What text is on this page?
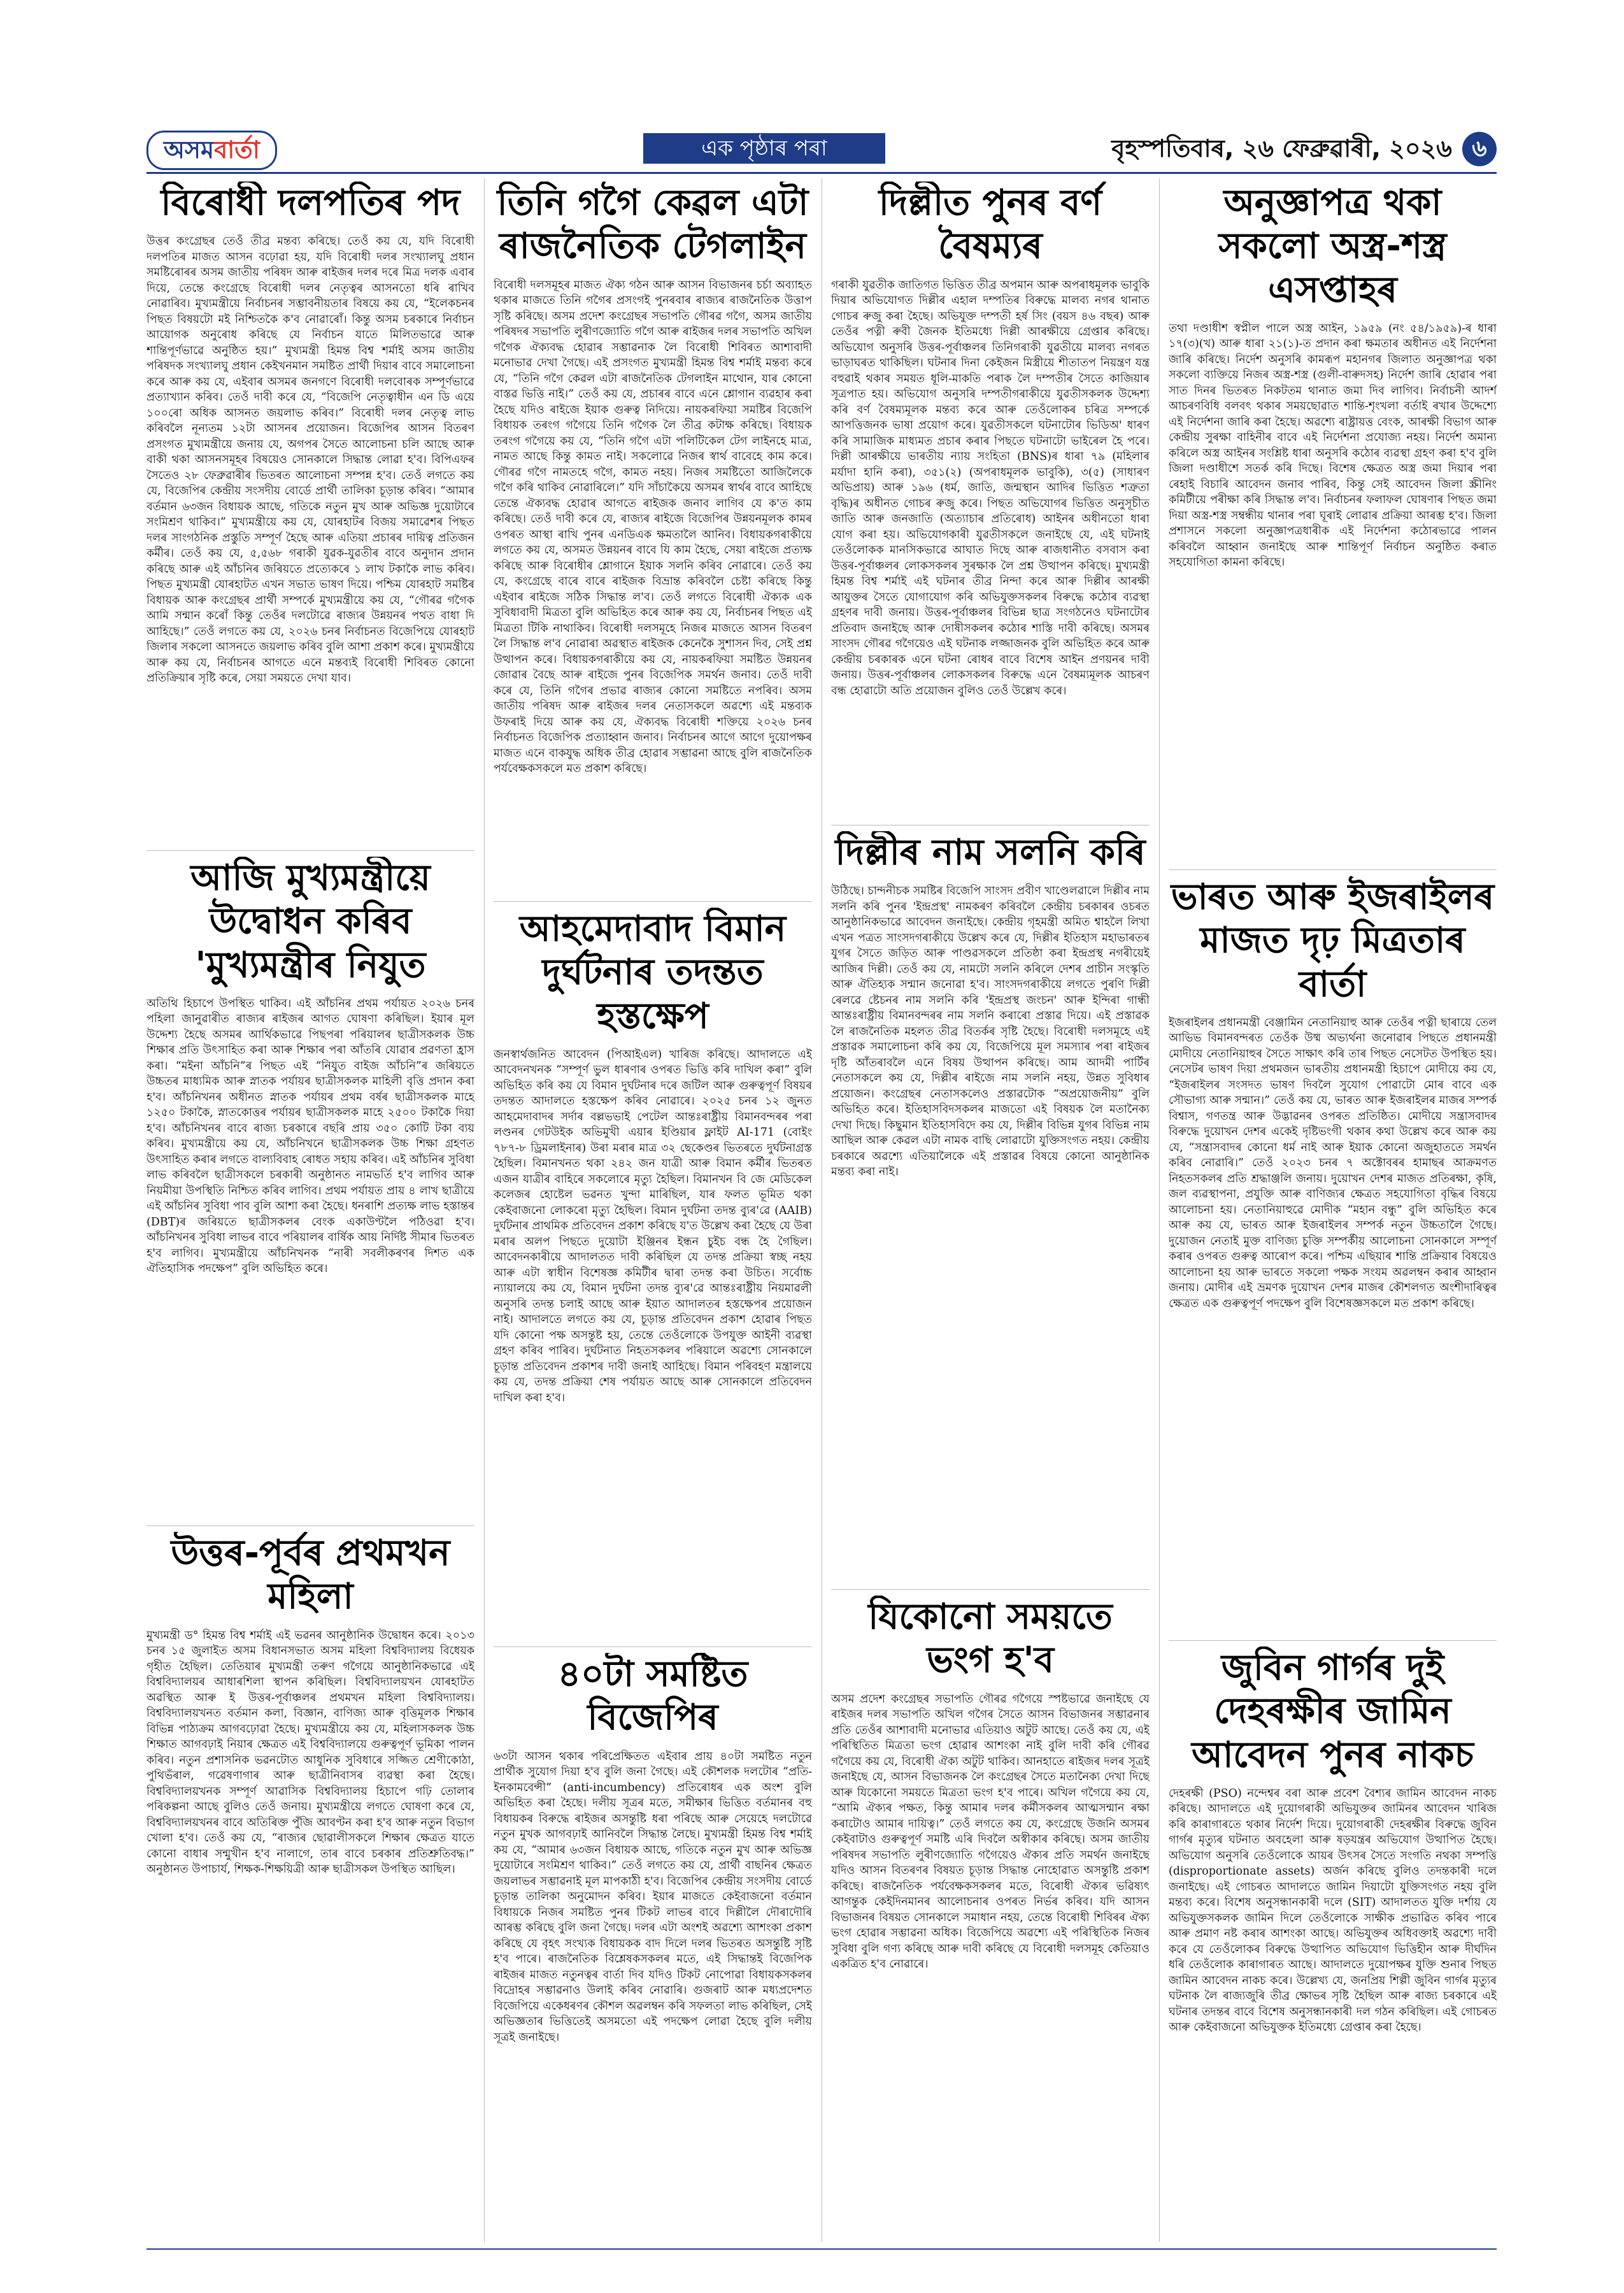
অসমবার্তা	এক পৃষ্ঠাৰ পৰা	বৃহস্পতিবাৰ, ২৬ ফেব্ৰুৱাৰী, ২০২৬ ৬
বিৰোধী দলপতিৰ পদ

উত্তৰ কংগ্ৰেছৰ তেওঁ তীব্ৰ মন্তব্য কৰিছে। তেওঁ কয় যে, যদি বিৰোধী দলপতিৰ মাজত আসন বঢ়োৱা হয়, যদি বিৰোধী দলৰ সংখ্যালঘু প্ৰধান সমষ্টিৰোৰৰ অসম জাতীয় পৰিষদ আৰু ৰাইজৰ দলৰ দৰে মিত্ৰ দলক এবাৰ দিয়ে, তেন্তে কংগ্ৰেছে বিৰোধী দলৰ নেতৃত্বৰ আসনতো ধৰি ৰাখিব নোৱাৰিব। মুখ্যমন্ত্ৰীয়ে নিৰ্বাচনৰ সম্ভাবনীয়তাৰ বিষয়ে কয় যে, “ইলেকচনৰ পিছত বিষয়টো মই নিশ্চিতকৈ ক'ব নোৱাৰোঁ। কিন্তু অসম চৰকাৰে নিৰ্বাচন আয়োগক অনুৰোধ কৰিছে যে নিৰ্বাচন যাতে মিলিতভাৱে আৰু শান্তিপূৰ্ণভাৱে অনুষ্ঠিত হয়।” মুখ্যমন্ত্ৰী হিমন্ত বিশ্ব শৰ্মাই অসম জাতীয় পৰিষদক সংখ্যালঘু প্ৰধান কেইখনমান সমষ্টিত প্ৰাৰ্থী দিয়াৰ বাবে সমালোচনা কৰে আৰু কয় যে, এইবাৰ অসমৰ জনগণে বিৰোধী দলবোৰক সম্পূৰ্ণভাৱে প্ৰত্যাখ্যান কৰিব। তেওঁ দাবী কৰে যে, “বিজেপি নেতৃত্বাধীন এন ডি এয়ে ১০০ৰো অধিক আসনত জয়লাভ কৰিব।” বিৰোধী দলৰ নেতৃত্ব লাভ কৰিবলৈ নূন্যতম ১২টা আসনৰ প্ৰয়োজন। বিজেপিৰ আসন বিতৰণ প্ৰসংগত মুখ্যমন্ত্ৰীয়ে জনায় যে, অগপৰ সৈতে আলোচনা চলি আছে আৰু বাকী থকা আসনসমূহৰ বিষয়েও সোনকালে সিদ্ধান্ত লোৱা হ'ব। বিপিএফৰ সৈতেও ২৮ ফেব্ৰুৱাৰীৰ ভিতৰত আলোচনা সম্পন্ন হ'ব। তেওঁ লগতে কয় যে, বিজেপিৰ কেন্দ্ৰীয় সংসদীয় বোৰ্ডে প্ৰাৰ্থী তালিকা চূড়ান্ত কৰিব। “আমাৰ বৰ্তমান ৬৩জন বিধায়ক আছে, গতিকে নতুন মুখ আৰু অভিজ্ঞ দুয়োটাৰে সংমিশ্ৰণ থাকিব।” মুখ্যমন্ত্ৰীয়ে কয় যে, যোৰহাটৰ বিজয় সমাৱেশৰ পিছত দলৰ সাংগঠনিক প্ৰস্তুতি সম্পূৰ্ণ হৈছে আৰু এতিয়া প্ৰচাৰৰ দায়িত্ব প্ৰতিজন কৰ্মীৰ। তেওঁ কয় যে, ৫,৫৬৮ গৰাকী যুৱক-যুৱতীৰ বাবে অনুদান প্ৰদান কৰিছে আৰু এই আঁচনিৰ জৰিয়তে প্ৰত্যেকৰে ১ লাখ টকাকৈ লাভ কৰিব। পিছত মুখ্যমন্ত্ৰী যোৰহাটত এখন সভাত ভাষণ দিয়ে। পশ্চিম যোৰহাট সমষ্টিৰ বিধায়ক আৰু কংগ্ৰেছৰ প্ৰাৰ্থী সম্পৰ্কে মুখ্যমন্ত্ৰীয়ে কয় যে, “গৌৰৱ গগৈক আমি সন্মান কৰোঁ কিন্তু তেওঁৰ দলটোৱে ৰাজ্যৰ উন্নয়নৰ পথত বাধা দি আহিছে।” তেওঁ লগতে কয় যে, ২০২৬ চনৰ নিৰ্বাচনত বিজেপিয়ে যোৰহাট জিলাৰ সকলো আসনতে জয়লাভ কৰিব বুলি আশা প্ৰকাশ কৰে। মুখ্যমন্ত্ৰীয়ে আৰু কয় যে, নিৰ্বাচনৰ আগতে এনে মন্তব্যই বিৰোধী শিবিৰত কোনো প্ৰতিক্ৰিয়াৰ সৃষ্টি কৰে, সেয়া সময়তে দেখা যাব।

আজি মুখ্যমন্ত্ৰীয়ে উদ্বোধন কৰিব 'মুখ্যমন্ত্ৰীৰ নিযুত

অতিথি হিচাপে উপস্থিত থাকিব। এই আঁচনিৰ প্ৰথম পৰ্যায়ত ২০২৬ চনৰ পহিলা জানুৱাৰীত ৰাজ্যৰ ৰাইজৰ আগত ঘোষণা কৰিছিল। ইয়াৰ মূল উদ্দেশ্য হৈছে অসমৰ আৰ্থিকভাৱে পিছপৰা পৰিয়ালৰ ছাত্ৰীসকলক উচ্চ শিক্ষাৰ প্ৰতি উৎসাহিত কৰা আৰু শিক্ষাৰ পৰা আঁতৰি যোৱাৰ প্ৰৱণতা হ্ৰাস কৰা। “মইনা আঁচনি”ৰ পিছত এই “নিযুত বাইজ আঁচনি”ৰ জৰিয়তে উচ্চতৰ মাধ্যমিক আৰু স্নাতক পৰ্যায়ৰ ছাত্ৰীসকলক মাহিলী বৃত্তি প্ৰদান কৰা হ'ব। আঁচনিখনৰ অধীনত স্নাতক পৰ্যায়ৰ প্ৰথম বৰ্ষৰ ছাত্ৰীসকলক মাহে ১২৫০ টকাকৈ, স্নাতকোত্তৰ পৰ্যায়ৰ ছাত্ৰীসকলক মাহে ২৫০০ টকাকৈ দিয়া হ'ব। আঁচনিখনৰ বাবে ৰাজ্য চৰকাৰে বছৰি প্ৰায় ৩৫০ কোটি টকা ব্যয় কৰিব। মুখ্যমন্ত্ৰীয়ে কয় যে, আঁচনিখনে ছাত্ৰীসকলক উচ্চ শিক্ষা গ্ৰহণত উৎসাহিত কৰাৰ লগতে বাল্যবিবাহ ৰোধত সহায় কৰিব। এই আঁচনিৰ সুবিধা লাভ কৰিবলৈ ছাত্ৰীসকলে চৰকাৰী অনুষ্ঠানত নামভৰ্তি হ'ব লাগিব আৰু নিয়মীয়া উপস্থিতি নিশ্চিত কৰিব লাগিব। প্ৰথম পৰ্যায়ত প্ৰায় ৪ লাখ ছাত্ৰীয়ে এই আঁচনিৰ সুবিধা পাব বুলি আশা কৰা হৈছে। ধনৰাশি প্ৰত্যক্ষ লাভ হস্তান্তৰ (DBT)ৰ জৰিয়তে ছাত্ৰীসকলৰ বেংক একাউণ্টলৈ পঠিওৱা হ'ব। আঁচনিখনৰ সুবিধা লাভৰ বাবে পৰিয়ালৰ বাৰ্ষিক আয় নিৰ্দিষ্ট সীমাৰ ভিতৰত হ'ব লাগিব। মুখ্যমন্ত্ৰীয়ে আঁচনিখনক “নাৰী সবলীকৰণৰ দিশত এক ঐতিহাসিক পদক্ষেপ” বুলি অভিহিত কৰে।

উত্তৰ-পূৰ্বৰ প্ৰথমখন মহিলা

মুখ্যমন্ত্ৰী ড° হিমন্ত বিশ্ব শৰ্মাই এই ভৱনৰ আনুষ্ঠানিক উদ্বোধন কৰে। ২০১৩ চনৰ ১৫ জুলাইত অসম বিধানসভাত অসম মহিলা বিশ্ববিদ্যালয় বিধেয়ক গৃহীত হৈছিল। তেতিয়াৰ মুখ্যমন্ত্ৰী তৰুণ গগৈয়ে আনুষ্ঠানিকভাৱে এই বিশ্ববিদ্যালয়ৰ আধাৰশিলা স্থাপন কৰিছিল। বিশ্ববিদ্যালয়খন যোৰহাটত অৱস্থিত আৰু ই উত্তৰ-পূৰ্বাঞ্চলৰ প্ৰথমখন মহিলা বিশ্ববিদ্যালয়। বিশ্ববিদ্যালয়খনত বৰ্তমান কলা, বিজ্ঞান, বাণিজ্য আৰু বৃত্তিমূলক শিক্ষাৰ বিভিন্ন পাঠ্যক্ৰম আগবঢ়োৱা হৈছে। মুখ্যমন্ত্ৰীয়ে কয় যে, মহিলাসকলক উচ্চ শিক্ষাত আগবঢ়াই নিয়াৰ ক্ষেত্ৰত এই বিশ্ববিদ্যালয়ে গুৰুত্বপূৰ্ণ ভূমিকা পালন কৰিব। নতুন প্ৰশাসনিক ভৱনটোত আধুনিক সুবিধাৰে সজ্জিত শ্ৰেণীকোঠা, পুথিভঁৰাল, গৱেষণাগাৰ আৰু ছাত্ৰীনিবাসৰ ব্যৱস্থা কৰা হৈছে। বিশ্ববিদ্যালয়খনক সম্পূৰ্ণ আৱাসিক বিশ্ববিদ্যালয় হিচাপে গঢ়ি তোলাৰ পৰিকল্পনা আছে বুলিও তেওঁ জনায়। মুখ্যমন্ত্ৰীয়ে লগতে ঘোষণা কৰে যে, বিশ্ববিদ্যালয়খনৰ বাবে অতিৰিক্ত পুঁজি আবণ্টন কৰা হ'ব আৰু নতুন বিভাগ খোলা হ'ব। তেওঁ কয় যে, “ৰাজ্যৰ ছোৱালীসকলে শিক্ষাৰ ক্ষেত্ৰত যাতে কোনো বাধাৰ সন্মুখীন হ'ব নালাগে, তাৰ বাবে চৰকাৰ প্ৰতিশ্ৰুতিবদ্ধ।” অনুষ্ঠানত উপাচাৰ্য, শিক্ষক-শিক্ষয়িত্ৰী আৰু ছাত্ৰীসকল উপস্থিত আছিল।

তিনি গগৈ কেৱল এটা ৰাজনৈতিক টেগলাইন

বিৰোধী দলসমূহৰ মাজত ঐক্য গঠন আৰু আসন বিভাজনৰ চৰ্চা অব্যাহত থকাৰ মাজতে তিনি গগৈৰ প্ৰসংগই পুনৰবাৰ ৰাজ্যৰ ৰাজনৈতিক উত্তাপ সৃষ্টি কৰিছে। অসম প্ৰদেশ কংগ্ৰেছৰ সভাপতি গৌৰৱ গগৈ, অসম জাতীয় পৰিষদৰ সভাপতি লুৰীণজ্যোতি গগৈ আৰু ৰাইজৰ দলৰ সভাপতি অখিল গগৈক ঐক্যবদ্ধ হোৱাৰ সম্ভাৱনাক লৈ বিৰোধী শিবিৰত আশাবাদী মনোভাৱ দেখা গৈছে। এই প্ৰসংগত মুখ্যমন্ত্ৰী হিমন্ত বিশ্ব শৰ্মাই মন্তব্য কৰে যে, “তিনি গগৈ কেৱল এটা ৰাজনৈতিক টেগলাইন মাথোন, যাৰ কোনো বাস্তৱ ভিত্তি নাই।” তেওঁ কয় যে, প্ৰচাৰৰ বাবে এনে শ্লোগান ব্যৱহাৰ কৰা হৈছে যদিও ৰাইজে ইয়াক গুৰুত্ব নিদিয়ে। নায়কৰফিয়া সমষ্টিৰ বিজেপি বিধায়ক তৰংগ গগৈয়ে তিনি গগৈক লৈ তীব্ৰ কটাক্ষ কৰিছে। বিধায়ক তৰংগ গগৈয়ে কয় যে, “তিনি গগৈ এটা পলিটিকেল টেগ লাইনহে মাত্ৰ, নামত আছে কিন্তু কামত নাই। সকলোৱে নিজৰ স্বাৰ্থ বাবেহে কাম কৰে। গৌৰৱ গগৈ নামতহে গগৈ, কামত নহয়। নিজৰ সমষ্টিতো আজিলৈকে গগৈ কৰি থাকিব নোৱাৰিলে।” যদি সাঁচাকৈয়ে অসমৰ স্বাৰ্থৰ বাবে আহিছে তেন্তে ঐক্যবদ্ধ হোৱাৰ আগতে ৰাইজক জনাব লাগিব যে ক'ত কাম কৰিছে। তেওঁ দাবী কৰে যে, ৰাজ্যৰ ৰাইজে বিজেপিৰ উন্নয়নমূলক কামৰ ওপৰত আস্থা ৰাখি পুনৰ এনডিএক ক্ষমতালৈ আনিব। বিধায়কগৰাকীয়ে লগতে কয় যে, অসমত উন্নয়নৰ বাবে যি কাম হৈছে, সেয়া ৰাইজে প্ৰত্যক্ষ কৰিছে আৰু বিৰোধীৰ শ্লোগানে ইয়াক সলনি কৰিব নোৱাৰে। তেওঁ কয় যে, কংগ্ৰেছে বাৰে বাৰে ৰাইজক বিভ্ৰান্ত কৰিবলৈ চেষ্টা কৰিছে কিন্তু এইবাৰ ৰাইজে সঠিক সিদ্ধান্ত ল'ব। তেওঁ লগতে বিৰোধী ঐক্যক এক সুবিধাবাদী মিত্ৰতা বুলি অভিহিত কৰে আৰু কয় যে, নিৰ্বাচনৰ পিছত এই মিত্ৰতা টিকি নাথাকিব। বিৰোধী দলসমূহে নিজৰ মাজতে আসন বিতৰণ লৈ সিদ্ধান্ত ল'ব নোৱাৰা অৱস্থাত ৰাইজক কেনেকৈ সুশাসন দিব, সেই প্ৰশ্ন উত্থাপন কৰে। বিধায়কগৰাকীয়ে কয় যে, নায়কৰফিয়া সমষ্টিত উন্নয়নৰ জোৱাৰ বৈছে আৰু ৰাইজে পুনৰ বিজেপিক সমৰ্থন জনাব। তেওঁ দাবী কৰে যে, তিনি গগৈৰ প্ৰভাৱ ৰাজ্যৰ কোনো সমষ্টিতে নপৰিব। অসম জাতীয় পৰিষদ আৰু ৰাইজৰ দলৰ নেতাসকলে অৱশ্যে এই মন্তব্যক উফৰাই দিয়ে আৰু কয় যে, ঐক্যবদ্ধ বিৰোধী শক্তিয়ে ২০২৬ চনৰ নিৰ্বাচনত বিজেপিক প্ৰত্যাহ্বান জনাব। নিৰ্বাচনৰ আগে আগে দুয়োপক্ষৰ মাজত এনে বাকযুদ্ধ অধিক তীব্ৰ হোৱাৰ সম্ভাৱনা আছে বুলি ৰাজনৈতিক পৰ্যবেক্ষকসকলে মত প্ৰকাশ কৰিছে।

আহমেদাবাদ বিমান দুৰ্ঘটনাৰ তদন্তত হস্তক্ষেপ

জনস্বাৰ্থজনিত আবেদন (পিআইএল) খাৰিজ কৰিছে। আদালতে এই আবেদনখনক “সম্পূৰ্ণ ভুল ধাৰণাৰ ওপৰত ভিত্তি কৰি দাখিল কৰা” বুলি অভিহিত কৰি কয় যে বিমান দুৰ্ঘটনাৰ দৰে জটিল আৰু গুৰুত্বপূৰ্ণ বিষয়ৰ তদন্তত আদালতে হস্তক্ষেপ কৰিব নোৱাৰে। ২০২৫ চনৰ ১২ জুনত আহমেদাবাদৰ সৰ্দাৰ বল্লভভাই পেটেল আন্তঃৰাষ্ট্ৰীয় বিমানবন্দৰৰ পৰা লণ্ডনৰ গেটউইক অভিমুখী এয়াৰ ইণ্ডিয়াৰ ফ্লাইট AI-171 (বোইং ৭৮৭-৮ ড্ৰিমলাইনাৰ) উৰা মৰাৰ মাত্ৰ ৩২ ছেকেণ্ডৰ ভিতৰতে দুৰ্ঘটনাগ্ৰস্ত হৈছিল। বিমানখনত থকা ২৪২ জন যাত্ৰী আৰু বিমান কৰ্মীৰ ভিতৰত এজন যাত্ৰীৰ বাহিৰে সকলোৰে মৃত্যু হৈছিল। বিমানখন বি জে মেডিকেল কলেজৰ হোষ্টেল ভৱনত খুন্দা মাৰিছিল, যাৰ ফলত ভূমিত থকা কেইবাজনো লোকৰো মৃত্যু হৈছিল। বিমান দুৰ্ঘটনা তদন্ত ব্যুৰ'ৱে (AAIB) দুৰ্ঘটনাৰ প্ৰাথমিক প্ৰতিবেদন প্ৰকাশ কৰিছে য'ত উল্লেখ কৰা হৈছে যে উৰা মৰাৰ অলপ পিছতে দুয়োটা ইঞ্জিনৰ ইন্ধন চুইচ বন্ধ হৈ গৈছিল। আবেদনকাৰীয়ে আদালতত দাবী কৰিছিল যে তদন্ত প্ৰক্ৰিয়া স্বচ্ছ নহয় আৰু এটা স্বাধীন বিশেষজ্ঞ কমিটীৰ দ্বাৰা তদন্ত কৰা উচিত। সৰ্বোচ্চ ন্যায়ালয়ে কয় যে, বিমান দুৰ্ঘটনা তদন্ত ব্যুৰ'ৱে আন্তঃৰাষ্ট্ৰীয় নিয়মাৱলী অনুসৰি তদন্ত চলাই আছে আৰু ইয়াত আদালতৰ হস্তক্ষেপৰ প্ৰয়োজন নাই। আদালতে লগতে কয় যে, চূড়ান্ত প্ৰতিবেদন প্ৰকাশ হোৱাৰ পিছত যদি কোনো পক্ষ অসন্তুষ্ট হয়, তেন্তে তেওঁলোকে উপযুক্ত আইনী ব্যৱস্থা গ্ৰহণ কৰিব পাৰিব। দুৰ্ঘটনাত নিহতসকলৰ পৰিয়ালে অৱশ্যে সোনকালে চূড়ান্ত প্ৰতিবেদন প্ৰকাশৰ দাবী জনাই আহিছে। বিমান পৰিবহণ মন্ত্ৰালয়ে কয় যে, তদন্ত প্ৰক্ৰিয়া শেষ পৰ্যায়ত আছে আৰু সোনকালে প্ৰতিবেদন দাখিল কৰা হ'ব।

৪০টা সমষ্টিত বিজেপিৰ

৬৩টা আসন থকাৰ পৰিপ্ৰেক্ষিতত এইবাৰ প্ৰায় ৪০টা সমষ্টিত নতুন প্ৰাৰ্থীক সুযোগ দিয়া হ'ব বুলি জনা গৈছে। এই কৌশলক দলটোৰ “প্ৰতি-ইনকামবেন্সী” (anti-incumbency) প্ৰতিৰোধৰ এক অংশ বুলি অভিহিত কৰা হৈছে। দলীয় সূত্ৰৰ মতে, সমীক্ষাৰ ভিত্তিত বৰ্তমানৰ বহু বিধায়কৰ বিৰুদ্ধে ৰাইজৰ অসন্তুষ্টি ধৰা পৰিছে আৰু সেয়েহে দলটোৱে নতুন মুখক আগবঢ়াই আনিবলৈ সিদ্ধান্ত লৈছে। মুখ্যমন্ত্ৰী হিমন্ত বিশ্ব শৰ্মাই কয় যে, “আমাৰ ৬৩জন বিধায়ক আছে, গতিকে নতুন মুখ আৰু অভিজ্ঞ দুয়োটাৰে সংমিশ্ৰণ থাকিব।” তেওঁ লগতে কয় যে, প্ৰাৰ্থী বাছনিৰ ক্ষেত্ৰত জয়লাভৰ সম্ভাৱনাই মূল মাপকাঠী হ'ব। বিজেপিৰ কেন্দ্ৰীয় সংসদীয় বোৰ্ডে চূড়ান্ত তালিকা অনুমোদন কৰিব। ইয়াৰ মাজতে কেইবাজনো বৰ্তমান বিধায়কে নিজৰ সমষ্টিত পুনৰ টিকট লাভৰ বাবে দিল্লীলৈ দৌৰাদৌৰি আৰম্ভ কৰিছে বুলি জনা গৈছে। দলৰ এটা অংশই অৱশ্যে আশংকা প্ৰকাশ কৰিছে যে বৃহৎ সংখ্যক বিধায়কক বাদ দিলে দলৰ ভিতৰত অসন্তুষ্টি সৃষ্টি হ'ব পাৰে। ৰাজনৈতিক বিশ্লেষকসকলৰ মতে, এই সিদ্ধান্তই বিজেপিক ৰাইজৰ মাজত নতুনত্বৰ বাৰ্তা দিব যদিও টিকট নোপোৱা বিধায়কসকলৰ বিদ্ৰোহৰ সম্ভাৱনাও উলাই কৰিব নোৱাৰি। গুজৰাট আৰু মধ্যপ্ৰদেশত বিজেপিয়ে একেধৰণৰ কৌশল অৱলম্বন কৰি সফলতা লাভ কৰিছিল, সেই অভিজ্ঞতাৰ ভিত্তিতেই অসমতো এই পদক্ষেপ লোৱা হৈছে বুলি দলীয় সূত্ৰই জনাইছে।

দিল্লীত পুনৰ বৰ্ণ বৈষম্যৰ

গৰাকী যুৱতীক জাতিগত ভিত্তিত তীব্ৰ অপমান আৰু অপৰাধমূলক ভাবুকি দিয়াৰ অভিযোগত দিল্লীৰ এহাল দম্পতিৰ বিৰুদ্ধে মালব্য নগৰ থানাত গোচৰ ৰুজু কৰা হৈছে। অভিযুক্ত দম্পতী হৰ্ষ সিং (বয়স ৪৬ বছৰ) আৰু তেওঁৰ পত্নী ৰুবী জৈনক ইতিমধ্যে দিল্লী আৰক্ষীয়ে গ্ৰেপ্তাৰ কৰিছে। অভিযোগ অনুসৰি উত্তৰ-পূৰ্বাঞ্চলৰ তিনিগৰাকী যুৱতীয়ে মালব্য নগৰত ভাড়াঘৰত থাকিছিল। ঘটনাৰ দিনা কেইজন মিস্ত্ৰীয়ে শীতাতপ নিয়ন্ত্ৰণ যন্ত্ৰ বহুৱাই থকাৰ সময়ত ধূলি-মাকতি পৰাক লৈ দম্পতীৰ সৈতে কাজিয়াৰ সূত্ৰপাত হয়। অভিযোগ অনুসৰি দম্পতীগৰাকীয়ে যুৱতীসকলক উদ্দেশ্য কৰি বৰ্ণ বৈষম্যমূলক মন্তব্য কৰে আৰু তেওঁলোকৰ চৰিত্ৰ সম্পৰ্কে আপত্তিজনক ভাষা প্ৰয়োগ কৰে। যুৱতীসকলে ঘটনাটোৰ ভিডিঅ' ধাৰণ কৰি সামাজিক মাধ্যমত প্ৰচাৰ কৰাৰ পিছতে ঘটনাটো ভাইৰেল হৈ পৰে। দিল্লী আৰক্ষীয়ে ভাৰতীয় ন্যায় সংহিতা (BNS)ৰ ধাৰা ৭৯ (মহিলাৰ মৰ্যাদা হানি কৰা), ৩৫১(২) (অপৰাধমূলক ভাবুকি), ৩(৫) (সাধাৰণ অভিপ্ৰায়) আৰু ১৯৬ (ধৰ্ম, জাতি, জন্মস্থান আদিৰ ভিত্তিত শত্ৰুতা বৃদ্ধি)ৰ অধীনত গোচৰ ৰুজু কৰে। পিছত অভিযোগৰ ভিত্তিত অনুসূচীত জাতি আৰু জনজাতি (অত্যাচাৰ প্ৰতিৰোধ) আইনৰ অধীনতো ধাৰা যোগ কৰা হয়। অভিযোগকাৰী যুৱতীসকলে জনাইছে যে, এই ঘটনাই তেওঁলোকক মানসিকভাৱে আঘাত দিছে আৰু ৰাজধানীত বসবাস কৰা উত্তৰ-পূৰ্বাঞ্চলৰ লোকসকলৰ সুৰক্ষাক লৈ প্ৰশ্ন উত্থাপন কৰিছে। মুখ্যমন্ত্ৰী হিমন্ত বিশ্ব শৰ্মাই এই ঘটনাৰ তীব্ৰ নিন্দা কৰে আৰু দিল্লীৰ আৰক্ষী আয়ুক্তৰ সৈতে যোগাযোগ কৰি অভিযুক্তসকলৰ বিৰুদ্ধে কঠোৰ ব্যৱস্থা গ্ৰহণৰ দাবী জনায়। উত্তৰ-পূৰ্বাঞ্চলৰ বিভিন্ন ছাত্ৰ সংগঠনেও ঘটনাটোৰ প্ৰতিবাদ জনাইছে আৰু দোষীসকলৰ কঠোৰ শাস্তি দাবী কৰিছে। অসমৰ সাংসদ গৌৰৱ গগৈয়েও এই ঘটনাক লজ্জাজনক বুলি অভিহিত কৰে আৰু কেন্দ্ৰীয় চৰকাৰক এনে ঘটনা ৰোধৰ বাবে বিশেষ আইন প্ৰণয়নৰ দাবী জনায়। উত্তৰ-পূৰ্বাঞ্চলৰ লোকসকলৰ বিৰুদ্ধে এনে বৈষম্যমূলক আচৰণ বন্ধ হোৱাটো অতি প্ৰয়োজন বুলিও তেওঁ উল্লেখ কৰে।

দিল্লীৰ নাম সলনি কৰি

উঠিছে। চান্দনীচক সমষ্টিৰ বিজেপি সাংসদ প্ৰবীণ খাণ্ডেলৱালে দিল্লীৰ নাম সলনি কৰি পুনৰ 'ইন্দ্ৰপ্ৰস্থ' নামকৰণ কৰিবলৈ কেন্দ্ৰীয় চৰকাৰৰ ওচৰত আনুষ্ঠানিকভাৱে আবেদন জনাইছে। কেন্দ্ৰীয় গৃহমন্ত্ৰী অমিত শ্বাহলৈ লিখা এখন পত্ৰত সাংসদগৰাকীয়ে উল্লেখ কৰে যে, দিল্লীৰ ইতিহাস মহাভাৰতৰ যুগৰ সৈতে জড়িত আৰু পাণ্ডৱসকলে প্ৰতিষ্ঠা কৰা ইন্দ্ৰপ্ৰস্থ নগৰীয়েই আজিৰ দিল্লী। তেওঁ কয় যে, নামটো সলনি কৰিলে দেশৰ প্ৰাচীন সংস্কৃতি আৰু ঐতিহ্যক সন্মান জনোৱা হ'ব। সাংসদগৰাকীয়ে লগতে পুৰণি দিল্লী ৰেলৱে ষ্টেচনৰ নাম সলনি কৰি 'ইন্দ্ৰপ্ৰস্থ জংচন' আৰু ইন্দিৰা গান্ধী আন্তঃৰাষ্ট্ৰীয় বিমানবন্দৰৰ নাম সলনি কৰাৰো প্ৰস্তাৱ দিয়ে। এই প্ৰস্তাৱক লৈ ৰাজনৈতিক মহলত তীব্ৰ বিতৰ্কৰ সৃষ্টি হৈছে। বিৰোধী দলসমূহে এই প্ৰস্তাৱক সমালোচনা কৰি কয় যে, বিজেপিয়ে মূল সমস্যাৰ পৰা ৰাইজৰ দৃষ্টি আঁতৰাবলৈ এনে বিষয় উত্থাপন কৰিছে। আম আদমী পাৰ্টিৰ নেতাসকলে কয় যে, দিল্লীৰ ৰাইজে নাম সলনি নহয়, উন্নত সুবিধাৰ প্ৰয়োজন। কংগ্ৰেছৰ নেতাসকলেও প্ৰস্তাৱটোক “অপ্ৰয়োজনীয়” বুলি অভিহিত কৰে। ইতিহাসবিদসকলৰ মাজতো এই বিষয়ক লৈ মতানৈক্য দেখা দিছে। কিছুমান ইতিহাসবিদে কয় যে, দিল্লীৰ বিভিন্ন যুগৰ বিভিন্ন নাম আছিল আৰু কেৱল এটা নামক বাছি লোৱাটো যুক্তিসংগত নহয়। কেন্দ্ৰীয় চৰকাৰে অৱশ্যে এতিয়ালৈকে এই প্ৰস্তাৱৰ বিষয়ে কোনো আনুষ্ঠানিক মন্তব্য কৰা নাই।

যিকোনো সময়তে ভংগ হ'ব

অসম প্ৰদেশ কংগ্ৰেছৰ সভাপতি গৌৰৱ গগৈয়ে স্পষ্টভাৱে জনাইছে যে ৰাইজৰ দলৰ সভাপতি অখিল গগৈৰ সৈতে আসন বিভাজনৰ সম্ভাৱনাৰ প্ৰতি তেওঁৰ আশাবাদী মনোভাৱ এতিয়াও অটুট আছে। তেওঁ কয় যে, এই পৰিস্থিতিত মিত্ৰতা ভংগ হোৱাৰ আশংকা নাই বুলি দাবী কৰি গৌৰৱ গগৈয়ে কয় যে, বিৰোধী ঐক্য অটুট থাকিব। আনহাতে ৰাইজৰ দলৰ সূত্ৰই জনাইছে যে, আসন বিভাজনক লৈ কংগ্ৰেছৰ সৈতে মতানৈক্য দেখা দিছে আৰু যিকোনো সময়তে মিত্ৰতা ভংগ হ'ব পাৰে। অখিল গগৈয়ে কয় যে, “আমি ঐক্যৰ পক্ষত, কিন্তু আমাৰ দলৰ কৰ্মীসকলৰ আত্মসন্মান ৰক্ষা কৰাটোও আমাৰ দায়িত্ব।” তেওঁ লগতে কয় যে, কংগ্ৰেছে উজনি অসমৰ কেইবাটাও গুৰুত্বপূৰ্ণ সমষ্টি এৰি দিবলৈ অস্বীকাৰ কৰিছে। অসম জাতীয় পৰিষদৰ সভাপতি লুৰীণজ্যোতি গগৈয়েও ঐক্যৰ প্ৰতি সমৰ্থন জনাইছে যদিও আসন বিতৰণৰ বিষয়ত চূড়ান্ত সিদ্ধান্ত নোহোৱাত অসন্তুষ্টি প্ৰকাশ কৰিছে। ৰাজনৈতিক পৰ্যবেক্ষকসকলৰ মতে, বিৰোধী ঐক্যৰ ভৱিষ্যৎ আগন্তুক কেইদিনমানৰ আলোচনাৰ ওপৰত নিৰ্ভৰ কৰিব। যদি আসন বিভাজনৰ বিষয়ত সোনকালে সমাধান নহয়, তেন্তে বিৰোধী শিবিৰৰ ঐক্য ভংগ হোৱাৰ সম্ভাৱনা অধিক। বিজেপিয়ে অৱশ্যে এই পৰিস্থিতিক নিজৰ সুবিধা বুলি গণ্য কৰিছে আৰু দাবী কৰিছে যে বিৰোধী দলসমূহ কেতিয়াও একত্ৰিত হ'ব নোৱাৰে।

অনুজ্ঞাপত্ৰ থকা সকলো অস্ত্ৰ-শস্ত্ৰ এসপ্তাহৰ

তথা দণ্ডাধীশ স্বপ্নীল পালে অস্ত্ৰ আইন, ১৯৫৯ (নং ৫৪/১৯৫৯)-ৰ ধাৰা ১৭(৩)(খ) আৰু ধাৰা ২১(১)-ত প্ৰদান কৰা ক্ষমতাৰ অধীনত এই নিৰ্দেশনা জাৰি কৰিছে। নিৰ্দেশ অনুসৰি কামৰূপ মহানগৰ জিলাত অনুজ্ঞাপত্ৰ থকা সকলো ব্যক্তিয়ে নিজৰ অস্ত্ৰ-শস্ত্ৰ (গুলী-বাৰুদসহ) নিৰ্দেশ জাৰি হোৱাৰ পৰা সাত দিনৰ ভিতৰত নিকটতম থানাত জমা দিব লাগিব। নিৰ্বাচনী আদৰ্শ আচৰণবিধি বলবৎ থকাৰ সময়ছোৱাত শান্তি-শৃংখলা বৰ্তাই ৰখাৰ উদ্দেশ্যে এই নিৰ্দেশনা জাৰি কৰা হৈছে। অৱশ্যে ৰাষ্ট্ৰায়ত্ত বেংক, আৰক্ষী বিভাগ আৰু কেন্দ্ৰীয় সুৰক্ষা বাহিনীৰ বাবে এই নিৰ্দেশনা প্ৰযোজ্য নহয়। নিৰ্দেশ অমান্য কৰিলে অস্ত্ৰ আইনৰ সংশ্লিষ্ট ধাৰা অনুসৰি কঠোৰ ব্যৱস্থা গ্ৰহণ কৰা হ'ব বুলি জিলা দণ্ডাধীশে সতৰ্ক কৰি দিছে। বিশেষ ক্ষেত্ৰত অস্ত্ৰ জমা দিয়াৰ পৰা ৰেহাই বিচাৰি আবেদন জনাব পাৰিব, কিন্তু সেই আবেদন জিলা স্ক্ৰীনিং কমিটীয়ে পৰীক্ষা কৰি সিদ্ধান্ত ল'ব। নিৰ্বাচনৰ ফলাফল ঘোষণাৰ পিছত জমা দিয়া অস্ত্ৰ-শস্ত্ৰ সম্বন্ধীয় থানাৰ পৰা ঘূৰাই লোৱাৰ প্ৰক্ৰিয়া আৰম্ভ হ'ব। জিলা প্ৰশাসনে সকলো অনুজ্ঞাপত্ৰধাৰীক এই নিৰ্দেশনা কঠোৰভাৱে পালন কৰিবলৈ আহ্বান জনাইছে আৰু শান্তিপূৰ্ণ নিৰ্বাচন অনুষ্ঠিত কৰাত সহযোগিতা কামনা কৰিছে।

ভাৰত আৰু ইজৰাইলৰ মাজত দৃঢ় মিত্ৰতাৰ বাৰ্তা

ইজৰাইলৰ প্ৰধানমন্ত্ৰী বেঞ্জামিন নেতানিয়াহু আৰু তেওঁৰ পত্নী ছাৰায়ে তেল আভিভ বিমানবন্দৰত তেওঁক উষ্ম অভ্যৰ্থনা জনোৱাৰ পিছতে প্ৰধানমন্ত্ৰী মোদীয়ে নেতানিয়াহুৰ সৈতে সাক্ষাৎ কৰি তাৰ পিছত নেসেটত উপস্থিত হয়। নেসেটৰ ভাষণ দিয়া প্ৰথমজন ভাৰতীয় প্ৰধানমন্ত্ৰী হিচাপে মোদীয়ে কয় যে, “ইজৰাইলৰ সংসদত ভাষণ দিবলৈ সুযোগ পোৱাটো মোৰ বাবে এক সৌভাগ্য আৰু সন্মান।” তেওঁ কয় যে, ভাৰত আৰু ইজৰাইলৰ মাজৰ সম্পৰ্ক বিশ্বাস, গণতন্ত্ৰ আৰু উদ্ভাৱনৰ ওপৰত প্ৰতিষ্ঠিত। মোদীয়ে সন্ত্ৰাসবাদৰ বিৰুদ্ধে দুয়োখন দেশৰ একেই দৃষ্টিভংগী থকাৰ কথা উল্লেখ কৰে আৰু কয় যে, “সন্ত্ৰাসবাদৰ কোনো ধৰ্ম নাই আৰু ইয়াক কোনো অজুহাততে সমৰ্থন কৰিব নোৱাৰি।” তেওঁ ২০২৩ চনৰ ৭ অক্টোবৰৰ হামাছৰ আক্ৰমণত নিহতসকলৰ প্ৰতি শ্ৰদ্ধাঞ্জলি জনায়। দুয়োখন দেশৰ মাজত প্ৰতিৰক্ষা, কৃষি, জল ব্যৱস্থাপনা, প্ৰযুক্তি আৰু বাণিজ্যৰ ক্ষেত্ৰত সহযোগিতা বৃদ্ধিৰ বিষয়ে আলোচনা হয়। নেতানিয়াহুৱে মোদীক “মহান বন্ধু” বুলি অভিহিত কৰে আৰু কয় যে, ভাৰত আৰু ইজৰাইলৰ সম্পৰ্ক নতুন উচ্চতালৈ গৈছে। দুয়োজন নেতাই মুক্ত বাণিজ্য চুক্তি সম্পৰ্কীয় আলোচনা সোনকালে সম্পূৰ্ণ কৰাৰ ওপৰত গুৰুত্ব আৰোপ কৰে। পশ্চিম এছিয়াৰ শান্তি প্ৰক্ৰিয়াৰ বিষয়েও আলোচনা হয় আৰু ভাৰতে সকলো পক্ষক সংযম অৱলম্বন কৰাৰ আহ্বান জনায়। মোদীৰ এই ভ্ৰমণক দুয়োখন দেশৰ মাজৰ কৌশলগত অংশীদাৰিত্বৰ ক্ষেত্ৰত এক গুৰুত্বপূৰ্ণ পদক্ষেপ বুলি বিশেষজ্ঞসকলে মত প্ৰকাশ কৰিছে।

জুবিন গাৰ্গৰ দুই দেহৰক্ষীৰ জামিন আবেদন পুনৰ নাকচ

দেহৰক্ষী (PSO) নন্দেশ্বৰ বৰা আৰু প্ৰবেশ বৈশ্যৰ জামিন আবেদন নাকচ কৰিছে। আদালতে এই দুয়োগৰাকী অভিযুক্তৰ জামিনৰ আবেদন খাৰিজ কৰি কাৰাগাৰতে থকাৰ নিৰ্দেশ দিয়ে। দুয়োগৰাকী দেহৰক্ষীৰ বিৰুদ্ধে জুবিন গাৰ্গৰ মৃত্যুৰ ঘটনাত অবহেলা আৰু ষড়যন্ত্ৰৰ অভিযোগ উত্থাপিত হৈছে। অভিযোগ অনুসৰি তেওঁলোকে আয়ৰ উৎসৰ সৈতে সংগতি নথকা সম্পত্তি (disproportionate assets) অৰ্জন কৰিছে বুলিও তদন্তকাৰী দলে জনাইছে। এই গোচৰত আদালতে জামিন দিয়াটো যুক্তিসংগত নহয় বুলি মন্তব্য কৰে। বিশেষ অনুসন্ধানকাৰী দলে (SIT) আদালতত যুক্তি দৰ্শায় যে অভিযুক্তসকলক জামিন দিলে তেওঁলোকে সাক্ষীক প্ৰভাৱিত কৰিব পাৰে আৰু প্ৰমাণ নষ্ট কৰাৰ আশংকা আছে। অভিযুক্তৰ অধিবক্তাই অৱশ্যে দাবী কৰে যে তেওঁলোকৰ বিৰুদ্ধে উত্থাপিত অভিযোগ ভিত্তিহীন আৰু দীৰ্ঘদিন ধৰি তেওঁলোক কাৰাগাৰত আছে। আদালতে দুয়োপক্ষৰ যুক্তি শুনাৰ পিছত জামিন আবেদন নাকচ কৰে। উল্লেখ্য যে, জনপ্ৰিয় শিল্পী জুবিন গাৰ্গৰ মৃত্যুৰ ঘটনাক লৈ ৰাজ্যজুৰি তীব্ৰ ক্ষোভৰ সৃষ্টি হৈছিল আৰু ৰাজ্য চৰকাৰে এই ঘটনাৰ তদন্তৰ বাবে বিশেষ অনুসন্ধানকাৰী দল গঠন কৰিছিল। এই গোচৰত আৰু কেইবাজনো অভিযুক্তক ইতিমধ্যে গ্ৰেপ্তাৰ কৰা হৈছে।
